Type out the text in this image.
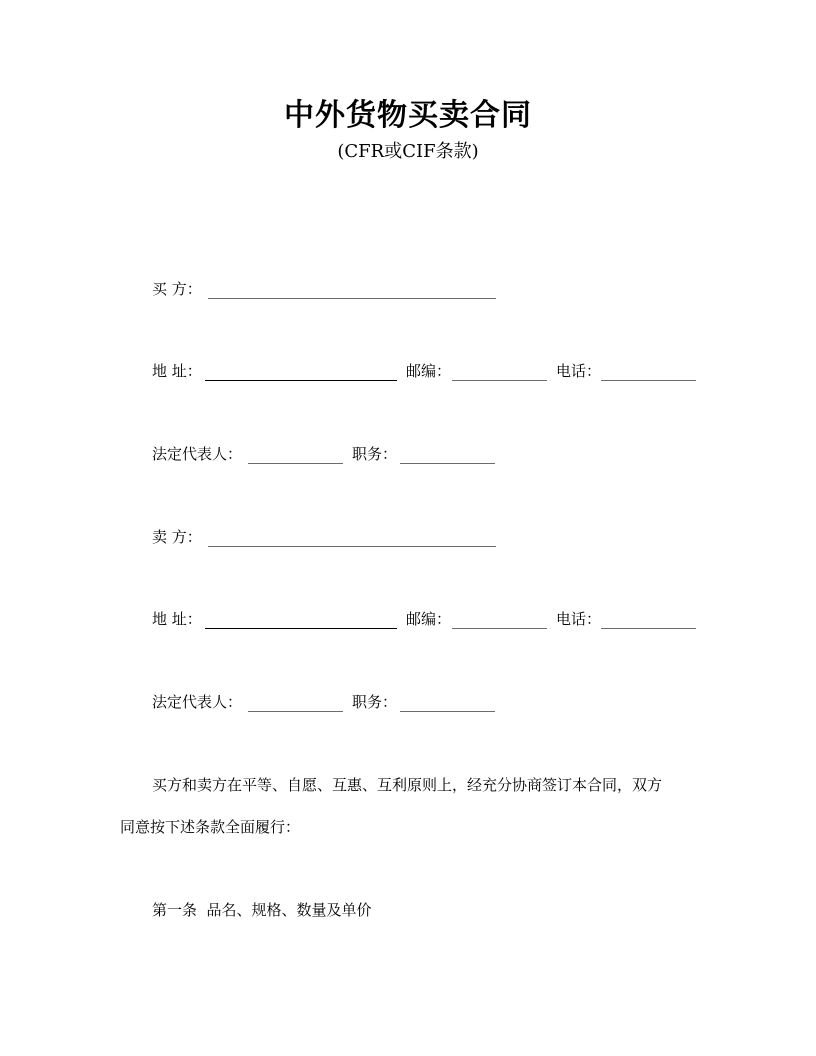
中外货物买卖合同
(CFR或CIF条款)
买 方：
地 址：	邮编：	电话：
法定代表人：	职务：
卖 方：
地 址：	邮编：	电话：
法定代表人：	职务：
买方和卖方在平等、自愿、互惠、互利原则上，经充分协商签订本合同，双方
同意按下述条款全面履行：
第一条  品名、规格、数量及单价
